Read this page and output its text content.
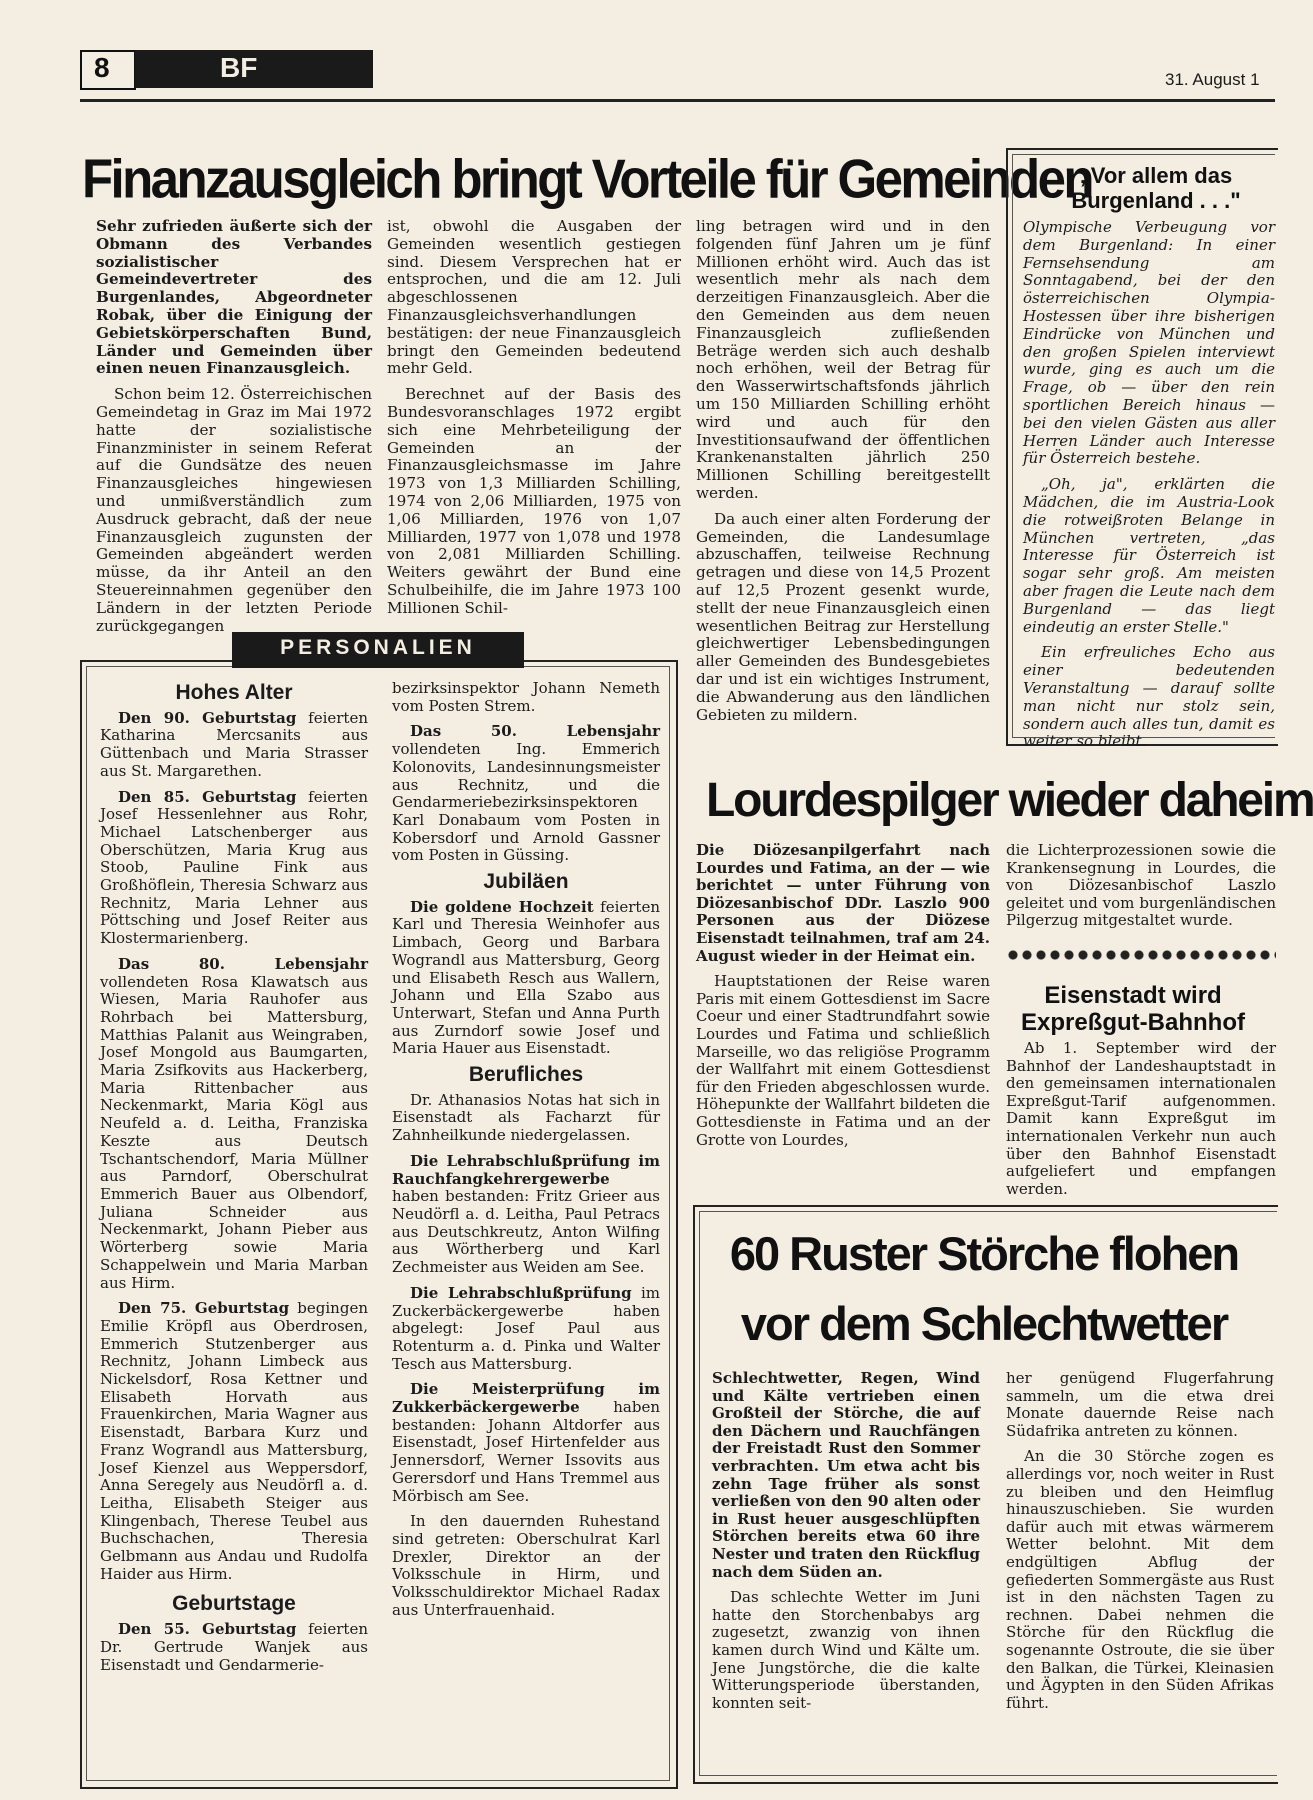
8	BF	31. August 1
Finanzausgleich bringt Vorteile für Gemeinden

Sehr zufrieden äußerte sich der Obmann des Verbandes sozialistischer Gemeindevertreter des Burgenlandes, Abgeordneter Robak, über die Einigung der Gebietskörperschaften Bund, Länder und Gemeinden über einen neuen Finanzausgleich.

Schon beim 12. Österreichischen Gemeindetag in Graz im Mai 1972 hatte der sozialistische Finanzminister in seinem Referat auf die Gundsätze des neuen Finanzausgleiches hingewiesen und unmißverständlich zum Ausdruck gebracht, daß der neue Finanzausgleich zugunsten der Gemeinden abgeändert werden müsse, da ihr Anteil an den Steuereinnahmen gegenüber den Ländern in der letzten Periode zurückgegangen

ist, obwohl die Ausgaben der Gemeinden wesentlich gestiegen sind. Diesem Versprechen hat er entsprochen, und die am 12. Juli abgeschlossenen Finanzausgleichsverhandlungen bestätigen: der neue Finanzausgleich bringt den Gemeinden bedeutend mehr Geld.

Berechnet auf der Basis des Bundesvoranschlages 1972 ergibt sich eine Mehrbeteiligung der Gemeinden an der Finanzausgleichsmasse im Jahre 1973 von 1,3 Milliarden Schilling, 1974 von 2,06 Milliarden, 1975 von 1,06 Milliarden, 1976 von 1,07 Milliarden, 1977 von 1,078 und 1978 von 2,081 Milliarden Schilling. Weiters gewährt der Bund eine Schulbeihilfe, die im Jahre 1973 100 Millionen Schil-

ling betragen wird und in den folgenden fünf Jahren um je fünf Millionen erhöht wird. Auch das ist wesentlich mehr als nach dem derzeitigen Finanzausgleich. Aber die den Gemeinden aus dem neuen Finanzausgleich zufließenden Beträge werden sich auch deshalb noch erhöhen, weil der Betrag für den Wasserwirtschaftsfonds jährlich um 150 Milliarden Schilling erhöht wird und auch für den Investitionsaufwand der öffentlichen Krankenanstalten jährlich 250 Millionen Schilling bereitgestellt werden.

Da auch einer alten Forderung der Gemeinden, die Landesumlage abzuschaffen, teilweise Rechnung getragen und diese von 14,5 Prozent auf 12,5 Prozent gesenkt wurde, stellt der neue Finanzausgleich einen wesentlichen Beitrag zur Herstellung gleichwertiger Lebensbedingungen aller Gemeinden des Bundesgebietes dar und ist ein wichtiges Instrument, die Abwanderung aus den ländlichen Gebieten zu mildern.

„Vor allem das Burgenland . . ."

Olympische Verbeugung vor dem Burgenland: In einer Fernsehsendung am Sonntagabend, bei der den österreichischen Olympia-Hostessen über ihre bisherigen Eindrücke von München und den großen Spielen interviewt wurde, ging es auch um die Frage, ob — über den rein sportlichen Bereich hinaus — bei den vielen Gästen aus aller Herren Länder auch Interesse für Österreich bestehe.

„Oh, ja", erklärten die Mädchen, die im Austria-Look die rotweißroten Belange in München vertreten, „das Interesse für Österreich ist sogar sehr groß. Am meisten aber fragen die Leute nach dem Burgenland — das liegt eindeutig an erster Stelle."

Ein erfreuliches Echo aus einer bedeutenden Veranstaltung — darauf sollte man nicht nur stolz sein, sondern auch alles tun, damit es weiter so bleibt.

PERSONALIEN
Hohes Alter

Den 90. Geburtstag feierten Katharina Mercsanits aus Güttenbach und Maria Strasser aus St. Margarethen.

Den 85. Geburtstag feierten Josef Hessenlehner aus Rohr, Michael Latschenberger aus Oberschützen, Maria Krug aus Stoob, Pauline Fink aus Großhöflein, Theresia Schwarz aus Rechnitz, Maria Lehner aus Pöttsching und Josef Reiter aus Klostermarienberg.

Das 80. Lebensjahr vollendeten Rosa Klawatsch aus Wiesen, Maria Rauhofer aus Rohrbach bei Mattersburg, Matthias Palanit aus Weingraben, Josef Mongold aus Baumgarten, Maria Zsifkovits aus Hackerberg, Maria Rittenbacher aus Neckenmarkt, Maria Kögl aus Neufeld a. d. Leitha, Franziska Keszte aus Deutsch Tschantschendorf, Maria Müllner aus Parndorf, Oberschulrat Emmerich Bauer aus Olbendorf, Juliana Schneider aus Neckenmarkt, Johann Pieber aus Wörterberg sowie Maria Schappelwein und Maria Marban aus Hirm.

Den 75. Geburtstag begingen Emilie Kröpfl aus Oberdrosen, Emmerich Stutzenberger aus Rechnitz, Johann Limbeck aus Nickelsdorf, Rosa Kettner und Elisabeth Horvath aus Frauenkirchen, Maria Wagner aus Eisenstadt, Barbara Kurz und Franz Wograndl aus Mattersburg, Josef Kienzel aus Weppersdorf, Anna Seregely aus Neudörfl a. d. Leitha, Elisabeth Steiger aus Klingenbach, Therese Teubel aus Buchschachen, Theresia Gelbmann aus Andau und Rudolfa Haider aus Hirm.

Geburtstage

Den 55. Geburtstag feierten Dr. Gertrude Wanjek aus Eisenstadt und Gendarmerie-

bezirksinspektor Johann Nemeth vom Posten Strem.

Das 50. Lebensjahr vollendeten Ing. Emmerich Kolonovits, Landesinnungsmeister aus Rechnitz, und die Gendarmeriebezirksinspektoren Karl Donabaum vom Posten in Kobersdorf und Arnold Gassner vom Posten in Güssing.

Jubiläen

Die goldene Hochzeit feierten Karl und Theresia Weinhofer aus Limbach, Georg und Barbara Wograndl aus Mattersburg, Georg und Elisabeth Resch aus Wallern, Johann und Ella Szabo aus Unterwart, Stefan und Anna Purth aus Zurndorf sowie Josef und Maria Hauer aus Eisenstadt.

Berufliches

Dr. Athanasios Notas hat sich in Eisenstadt als Facharzt für Zahnheilkunde niedergelassen.

Die Lehrabschlußprüfung im Rauchfangkehrergewerbe haben bestanden: Fritz Grieer aus Neudörfl a. d. Leitha, Paul Petracs aus Deutschkreutz, Anton Wilfing aus Wörtherberg und Karl Zechmeister aus Weiden am See.

Die Lehrabschlußprüfung im Zuckerbäckergewerbe haben abgelegt: Josef Paul aus Rotenturm a. d. Pinka und Walter Tesch aus Mattersburg.

Die Meisterprüfung im Zukkerbäckergewerbe haben bestanden: Johann Altdorfer aus Eisenstadt, Josef Hirtenfelder aus Jennersdorf, Werner Issovits aus Gerersdorf und Hans Tremmel aus Mörbisch am See.

In den dauernden Ruhestand sind getreten: Oberschulrat Karl Drexler, Direktor an der Volksschule in Hirm, und Volksschuldirektor Michael Radax aus Unterfrauenhaid.

Lourdespilger wieder daheim

Die Diözesanpilgerfahrt nach Lourdes und Fatima, an der — wie berichtet — unter Führung von Diözesanbischof DDr. Laszlo 900 Personen aus der Diözese Eisenstadt teilnahmen, traf am 24. August wieder in der Heimat ein.

Hauptstationen der Reise waren Paris mit einem Gottesdienst im Sacre Coeur und einer Stadtrundfahrt sowie Lourdes und Fatima und schließlich Marseille, wo das religiöse Programm der Wallfahrt mit einem Gottesdienst für den Frieden abgeschlossen wurde. Höhepunkte der Wallfahrt bildeten die Gottesdienste in Fatima und an der Grotte von Lourdes,

die Lichterprozessionen sowie die Krankensegnung in Lourdes, die von Diözesanbischof Laszlo geleitet und vom burgenländischen Pilgerzug mitgestaltet wurde.

Eisenstadt wird Expreßgut-Bahnhof

Ab 1. September wird der Bahnhof der Landeshauptstadt in den gemeinsamen internationalen Expreßgut-Tarif aufgenommen. Damit kann Expreßgut im internationalen Verkehr nun auch über den Bahnhof Eisenstadt aufgeliefert und empfangen werden.

60 Ruster Störche flohen
vor dem Schlechtwetter

Schlechtwetter, Regen, Wind und Kälte vertrieben einen Großteil der Störche, die auf den Dächern und Rauchfängen der Freistadt Rust den Sommer verbrachten. Um etwa acht bis zehn Tage früher als sonst verließen von den 90 alten oder in Rust heuer ausgeschlüpften Störchen bereits etwa 60 ihre Nester und traten den Rückflug nach dem Süden an.

Das schlechte Wetter im Juni hatte den Storchenbabys arg zugesetzt, zwanzig von ihnen kamen durch Wind und Kälte um. Jene Jungstörche, die die kalte Witterungsperiode überstanden, konnten seit-

her genügend Flugerfahrung sammeln, um die etwa drei Monate dauernde Reise nach Südafrika antreten zu können.

An die 30 Störche zogen es allerdings vor, noch weiter in Rust zu bleiben und den Heimflug hinauszuschieben. Sie wurden dafür auch mit etwas wärmerem Wetter belohnt. Mit dem endgültigen Abflug der gefiederten Sommergäste aus Rust ist in den nächsten Tagen zu rechnen. Dabei nehmen die Störche für den Rückflug die sogenannte Ostroute, die sie über den Balkan, die Türkei, Kleinasien und Ägypten in den Süden Afrikas führt.
